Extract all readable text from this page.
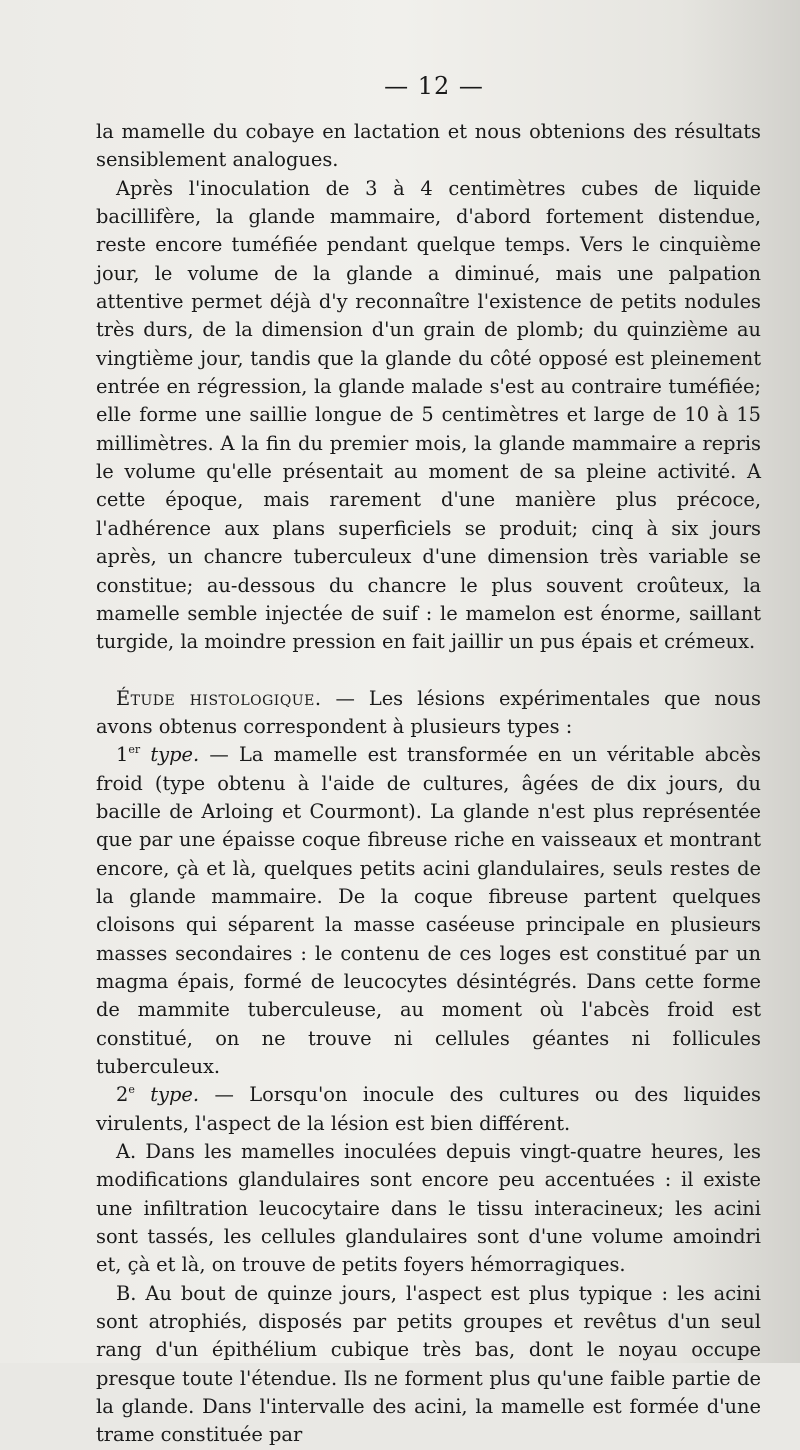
— 12 —

la mamelle du cobaye en lactation et nous obtenions des résultats sensiblement analogues.

Après l'inoculation de 3 à 4 centimètres cubes de liquide bacillifère, la glande mammaire, d'abord fortement distendue, reste encore tuméfiée pendant quelque temps. Vers le cinquième jour, le volume de la glande a diminué, mais une palpation attentive permet déjà d'y reconnaître l'existence de petits nodules très durs, de la dimension d'un grain de plomb; du quinzième au vingtième jour, tandis que la glande du côté opposé est pleinement entrée en régression, la glande malade s'est au contraire tuméfiée; elle forme une saillie longue de 5 centimètres et large de 10 à 15 millimètres. A la fin du premier mois, la glande mammaire a repris le volume qu'elle présentait au moment de sa pleine activité. A cette époque, mais rarement d'une manière plus précoce, l'adhérence aux plans superficiels se produit; cinq à six jours après, un chancre tuberculeux d'une dimension très variable se constitue; au-dessous du chancre le plus souvent croûteux, la mamelle semble injectée de suif : le mamelon est énorme, saillant turgide, la moindre pression en fait jaillir un pus épais et crémeux.

Étude histologique. — Les lésions expérimentales que nous avons obtenus correspondent à plusieurs types :

1er type. — La mamelle est transformée en un véritable abcès froid (type obtenu à l'aide de cultures, âgées de dix jours, du bacille de Arloing et Courmont). La glande n'est plus représentée que par une épaisse coque fibreuse riche en vaisseaux et montrant encore, çà et là, quelques petits acini glandulaires, seuls restes de la glande mammaire. De la coque fibreuse partent quelques cloisons qui séparent la masse caséeuse principale en plusieurs masses secondaires : le contenu de ces loges est constitué par un magma épais, formé de leucocytes désintégrés. Dans cette forme de mammite tuberculeuse, au moment où l'abcès froid est constitué, on ne trouve ni cellules géantes ni follicules tuberculeux.

2e type. — Lorsqu'on inocule des cultures ou des liquides virulents, l'aspect de la lésion est bien différent.

A. Dans les mamelles inoculées depuis vingt-quatre heures, les modifications glandulaires sont encore peu accentuées : il existe une infiltration leucocytaire dans le tissu interacineux; les acini sont tassés, les cellules glandulaires sont d'une volume amoindri et, çà et là, on trouve de petits foyers hémorragiques.

B. Au bout de quinze jours, l'aspect est plus typique : les acini sont atrophiés, disposés par petits groupes et revêtus d'un seul rang d'un épithélium cubique très bas, dont le noyau occupe presque toute l'étendue. Ils ne forment plus qu'une faible partie de la glande. Dans l'intervalle des acini, la mamelle est formée d'une trame constituée par
